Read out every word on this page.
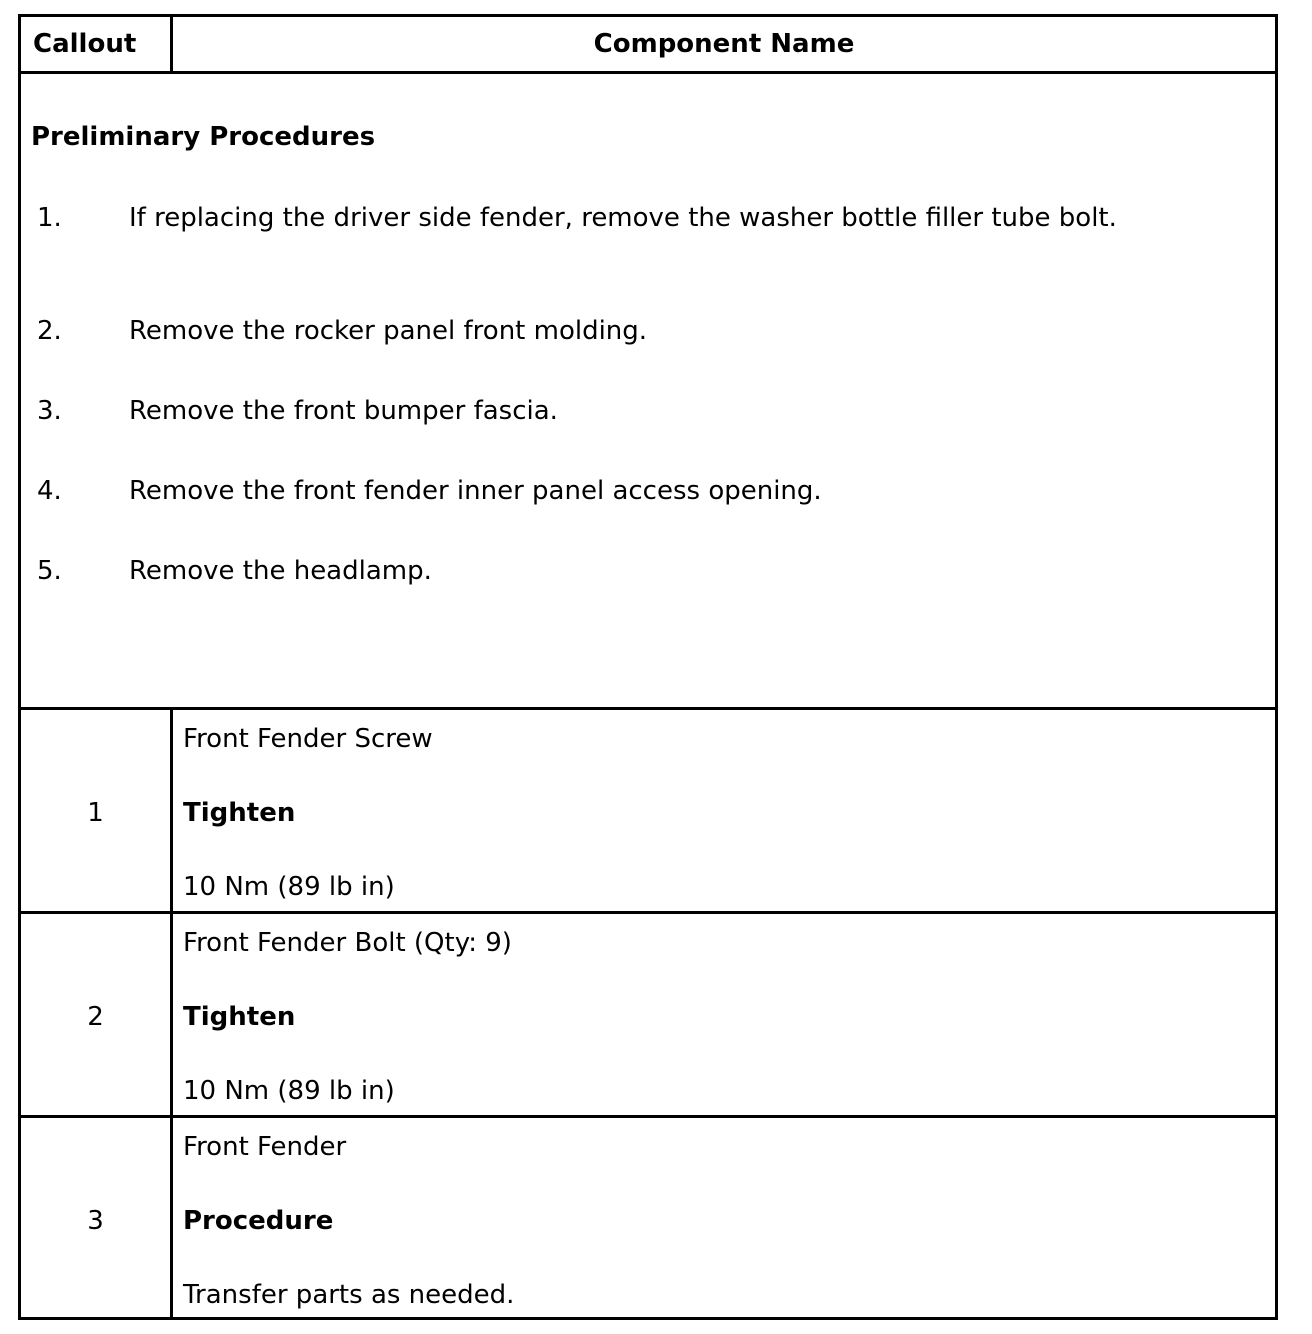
Callout	Component Name
Preliminary Procedures
1.	If replacing the driver side fender, remove the washer bottle filler tube bolt.
2.	Remove the rocker panel front molding.
3.	Remove the front bumper fascia.
4.	Remove the front fender inner panel access opening.
5.	Remove the headlamp.
1
Front Fender Screw
Tighten
10 Nm (89 lb in)
2
Front Fender Bolt (Qty: 9)
Tighten
10 Nm (89 lb in)
3
Front Fender
Procedure
Transfer parts as needed.
